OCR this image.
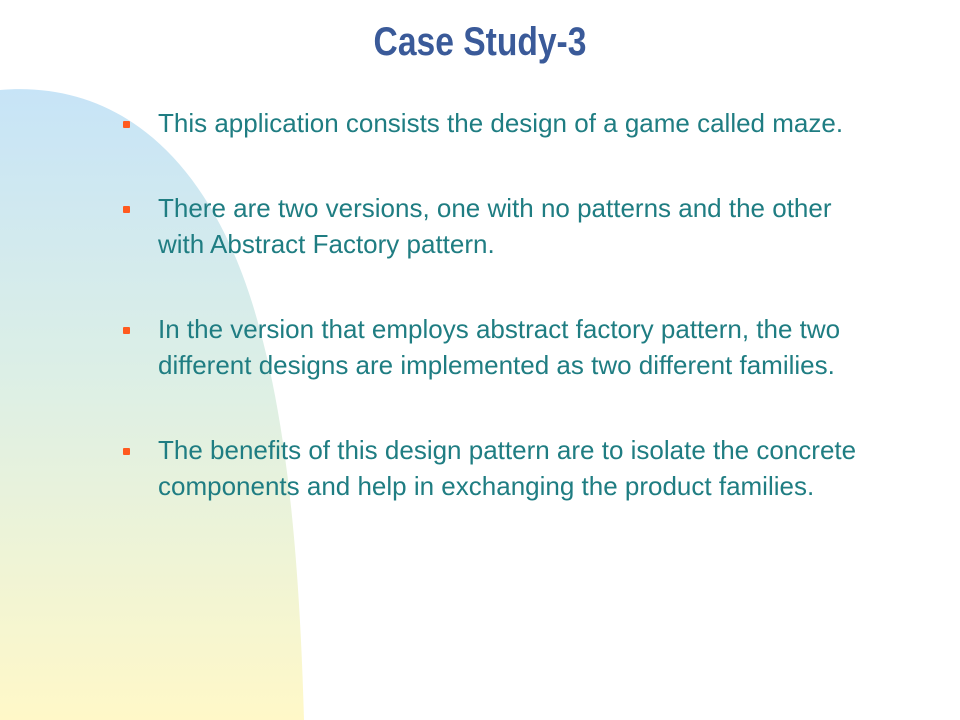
Case Study-3
This application consists the design of a game called maze.
There are two versions, one with no patterns and the other with Abstract Factory pattern.
In the version that employs abstract factory pattern, the two different designs are implemented as two different families.
The benefits of this design pattern are to isolate the concrete components and help in exchanging the product families.
